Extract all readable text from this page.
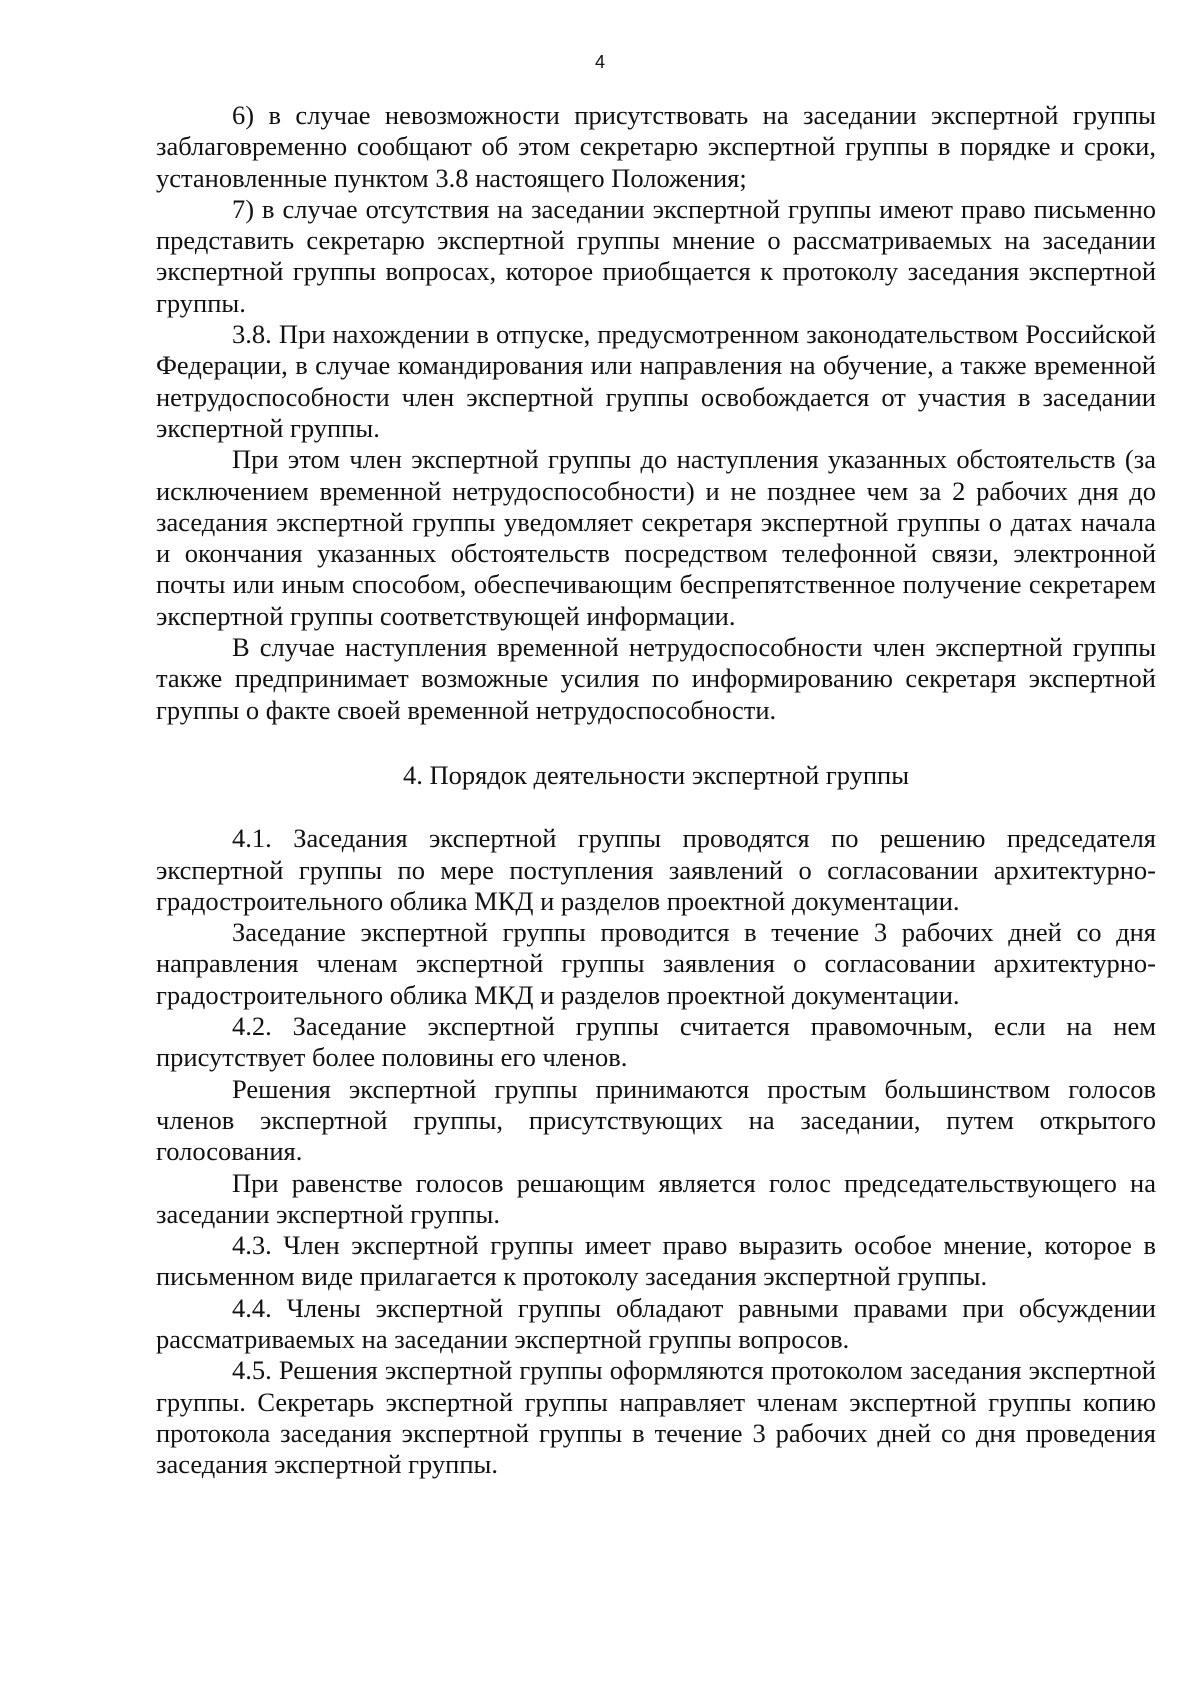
4

6) в случае невозможности присутствовать на заседании экспертной группы заблаговременно сообщают об этом секретарю экспертной группы в порядке и сроки, установленные пунктом 3.8 настоящего Положения;

7) в случае отсутствия на заседании экспертной группы имеют право письменно представить секретарю экспертной группы мнение о рассматриваемых на заседании экспертной группы вопросах, которое приобщается к протоколу заседания экспертной группы.

3.8. При нахождении в отпуске, предусмотренном законодательством Российской Федерации, в случае командирования или направления на обучение, а также временной нетрудоспособности член экспертной группы освобождается от участия в заседании экспертной группы.

При этом член экспертной группы до наступления указанных обстоятельств (за исключением временной нетрудоспособности) и не позднее чем за 2 рабочих дня до заседания экспертной группы уведомляет секретаря экспертной группы о датах начала и окончания указанных обстоятельств посредством телефонной связи, электронной почты или иным способом, обеспечивающим беспрепятственное получение секретарем экспертной группы соответствующей информации.

В случае наступления временной нетрудоспособности член экспертной группы также предпринимает возможные усилия по информированию секретаря экспертной группы о факте своей временной нетрудоспособности.

4. Порядок деятельности экспертной группы

4.1. Заседания экспертной группы проводятся по решению председателя экспертной группы по мере поступления заявлений о согласовании архитектурно-градостроительного облика МКД и разделов проектной документации.

Заседание экспертной группы проводится в течение 3 рабочих дней со дня направления членам экспертной группы заявления о согласовании архитектурно-градостроительного облика МКД и разделов проектной документации.

4.2. Заседание экспертной группы считается правомочным, если на нем присутствует более половины его членов.

Решения экспертной группы принимаются простым большинством голосов членов экспертной группы, присутствующих на заседании, путем открытого голосования.

При равенстве голосов решающим является голос председательствующего на заседании экспертной группы.

4.3. Член экспертной группы имеет право выразить особое мнение, которое в письменном виде прилагается к протоколу заседания экспертной группы.

4.4. Члены экспертной группы обладают равными правами при обсуждении рассматриваемых на заседании экспертной группы вопросов.

4.5. Решения экспертной группы оформляются протоколом заседания экспертной группы. Секретарь экспертной группы направляет членам экспертной группы копию протокола заседания экспертной группы в течение 3 рабочих дней со дня проведения заседания экспертной группы.
